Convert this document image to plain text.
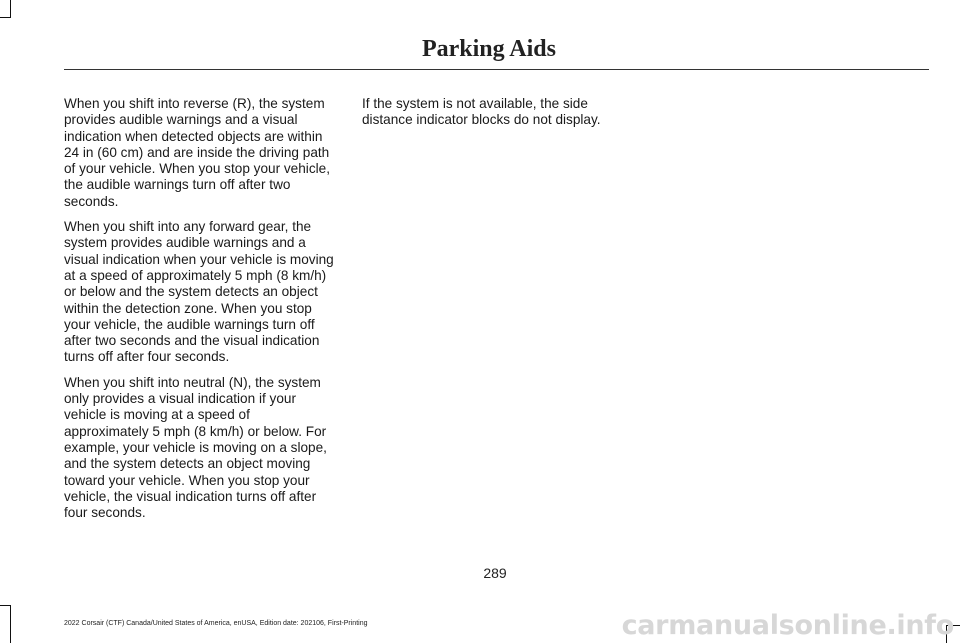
Parking Aids

When you shift into reverse (R), the system provides audible warnings and a visual indication when detected objects are within 24 in (60 cm) and are inside the driving path of your vehicle. When you stop your vehicle, the audible warnings turn off after two seconds.

When you shift into any forward gear, the system provides audible warnings and a visual indication when your vehicle is moving at a speed of approximately 5 mph (8 km/h) or below and the system detects an object within the detection zone. When you stop your vehicle, the audible warnings turn off after two seconds and the visual indication turns off after four seconds.

When you shift into neutral (N), the system only provides a visual indication if your vehicle is moving at a speed of approximately 5 mph (8 km/h) or below. For example, your vehicle is moving on a slope, and the system detects an object moving toward your vehicle. When you stop your vehicle, the visual indication turns off after four seconds.

If the system is not available, the side distance indicator blocks do not display.

289
2022 Corsair (CTF) Canada/United States of America, enUSA, Edition date: 202106, First-Printing	carmanualsonline.info
